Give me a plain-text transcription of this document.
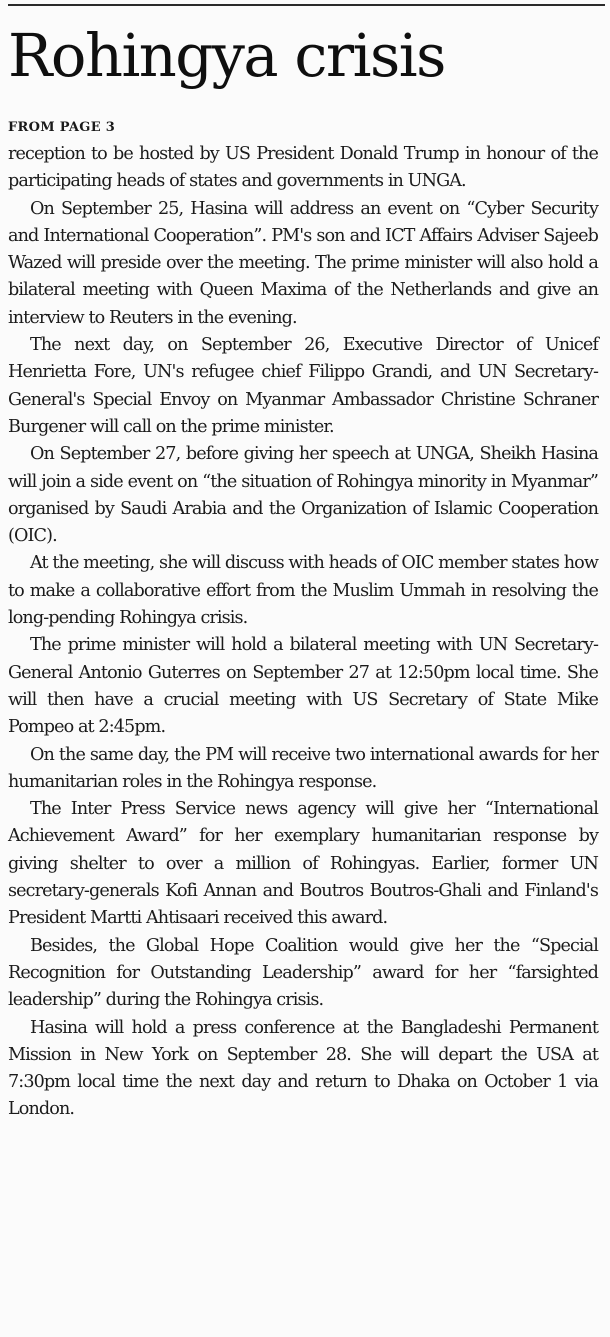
Rohingya crisis
FROM PAGE 3

reception to be hosted by US President Donald Trump in honour of the participating heads of states and governments in UNGA.

On September 25, Hasina will address an event on “Cyber Security and International Cooperation”. PM's son and ICT Affairs Adviser Sajeeb Wazed will preside over the meeting. The prime minister will also hold a bilateral meeting with Queen Maxima of the Netherlands and give an interview to Reuters in the evening.

The next day, on September 26, Executive Director of Unicef Henrietta Fore, UN's refugee chief Filippo Grandi, and UN Secretary-General's Special Envoy on Myanmar Ambassador Christine Schraner Burgener will call on the prime minister.

On September 27, before giving her speech at UNGA, Sheikh Hasina will join a side event on “the situation of Rohingya minority in Myanmar” organised by Saudi Arabia and the Organization of Islamic Cooperation (OIC).

At the meeting, she will discuss with heads of OIC member states how to make a collaborative effort from the Muslim Ummah in resolving the long-pending Rohingya crisis.

The prime minister will hold a bilateral meeting with UN Secretary-General Antonio Guterres on September 27 at 12:50pm local time. She will then have a crucial meeting with US Secretary of State Mike Pompeo at 2:45pm.

On the same day, the PM will receive two international awards for her humanitarian roles in the Rohingya response.

The Inter Press Service news agency will give her “International Achievement Award” for her exemplary humanitarian response by giving shelter to over a million of Rohingyas. Earlier, former UN secretary-generals Kofi Annan and Boutros Boutros-Ghali and Finland's President Martti Ahtisaari received this award.

Besides, the Global Hope Coalition would give her the “Special Recognition for Outstanding Leadership” award for her “farsighted leadership” during the Rohingya crisis.

Hasina will hold a press conference at the Bangladeshi Permanent Mission in New York on September 28. She will depart the USA at 7:30pm local time the next day and return to Dhaka on October 1 via London.
